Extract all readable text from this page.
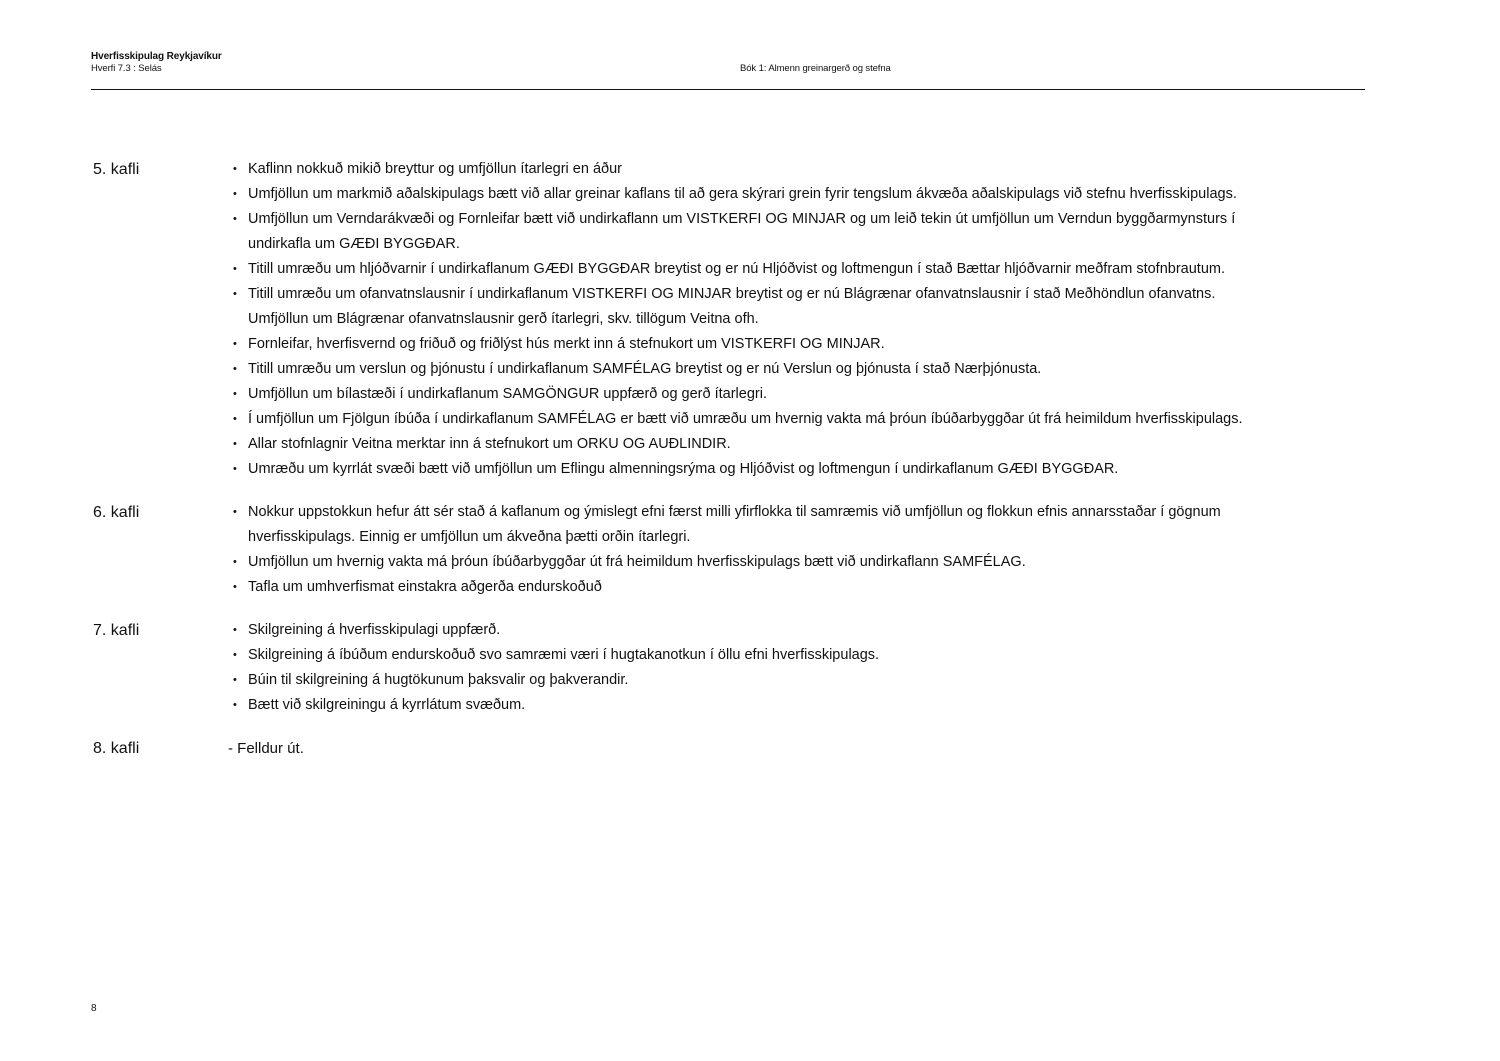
Hverfisskipulag Reykjavíkur
Hverfi 7.3 : Selás	Bók 1: Almenn greinargerð og stefna
5. kafli	• Kaflinn nokkuð mikið breyttur og umfjöllun ítarlegri en áður
• Umfjöllun um markmið aðalskipulags bætt við allar greinar kaflans til að gera skýrari grein fyrir tengslum ákvæða aðalskipulags við stefnu hverfisskipulags.
• Umfjöllun um Verndarákvæði og Fornleifar bætt við undirkaflann um VISTKERFI OG MINJAR og um leið tekin út umfjöllun um Verndun byggðarmynsturs í undirkafla um GÆÐI BYGGÐAR.
• Titill umræðu um hljóðvarnir í undirkaflanum GÆÐI BYGGÐAR breytist og er nú Hljóðvist og loftmengun í stað Bættar hljóðvarnir meðfram stofnbrautum.
• Titill umræðu um ofanvatnslausnir í undirkaflanum VISTKERFI OG MINJAR breytist og er nú Blágrænar ofanvatnslausnir í stað Meðhöndlun ofanvatns. Umfjöllun um Blágrænar ofanvatnslausnir gerð ítarlegri, skv. tillögum Veitna ofh.
• Fornleifar, hverfisvernd og friðuð og friðlýst hús merkt inn á stefnukort um VISTKERFI OG MINJAR.
• Titill umræðu um verslun og þjónustu í undirkaflanum SAMFÉLAG breytist og er nú Verslun og þjónusta í stað Nærþjónusta.
• Umfjöllun um bílastæði í undirkaflanum SAMGÖNGUR uppfærð og gerð ítarlegri.
• Í umfjöllun um Fjölgun íbúða í undirkaflanum SAMFÉLAG er bætt við umræðu um hvernig vakta má þróun íbúðarbyggðar út frá heimildum hverfisskipulags.
• Allar stofnlagnir Veitna merktar inn á stefnukort um ORKU OG AUÐLINDIR.
• Umræðu um kyrrlát svæði bætt við umfjöllun um Eflingu almenningsrýma og Hljóðvist og loftmengun í undirkaflanum GÆÐI BYGGÐAR.
6. kafli	• Nokkur uppstokkun hefur átt sér stað á kaflanum og ýmislegt efni færst milli yfirflokka til samræmis við umfjöllun og flokkun efnis annarsstaðar í gögnum hverfisskipulags. Einnig er umfjöllun um ákveðna þætti orðin ítarlegri.
• Umfjöllun um hvernig vakta má þróun íbúðarbyggðar út frá heimildum hverfisskipulags bætt við undirkaflann SAMFÉLAG.
• Tafla um umhverfismat einstakra aðgerða endurskoðuð
7. kafli	• Skilgreining á hverfisskipulagi uppfærð.
• Skilgreining á íbúðum endurskoðuð svo samræmi væri í hugtakanotkun í öllu efni hverfisskipulags.
• Búin til skilgreining á hugtökunum þaksvalir og þakverandir.
• Bætt við skilgreiningu á kyrrlátum svæðum.
8. kafli	- Felldur út.
8
